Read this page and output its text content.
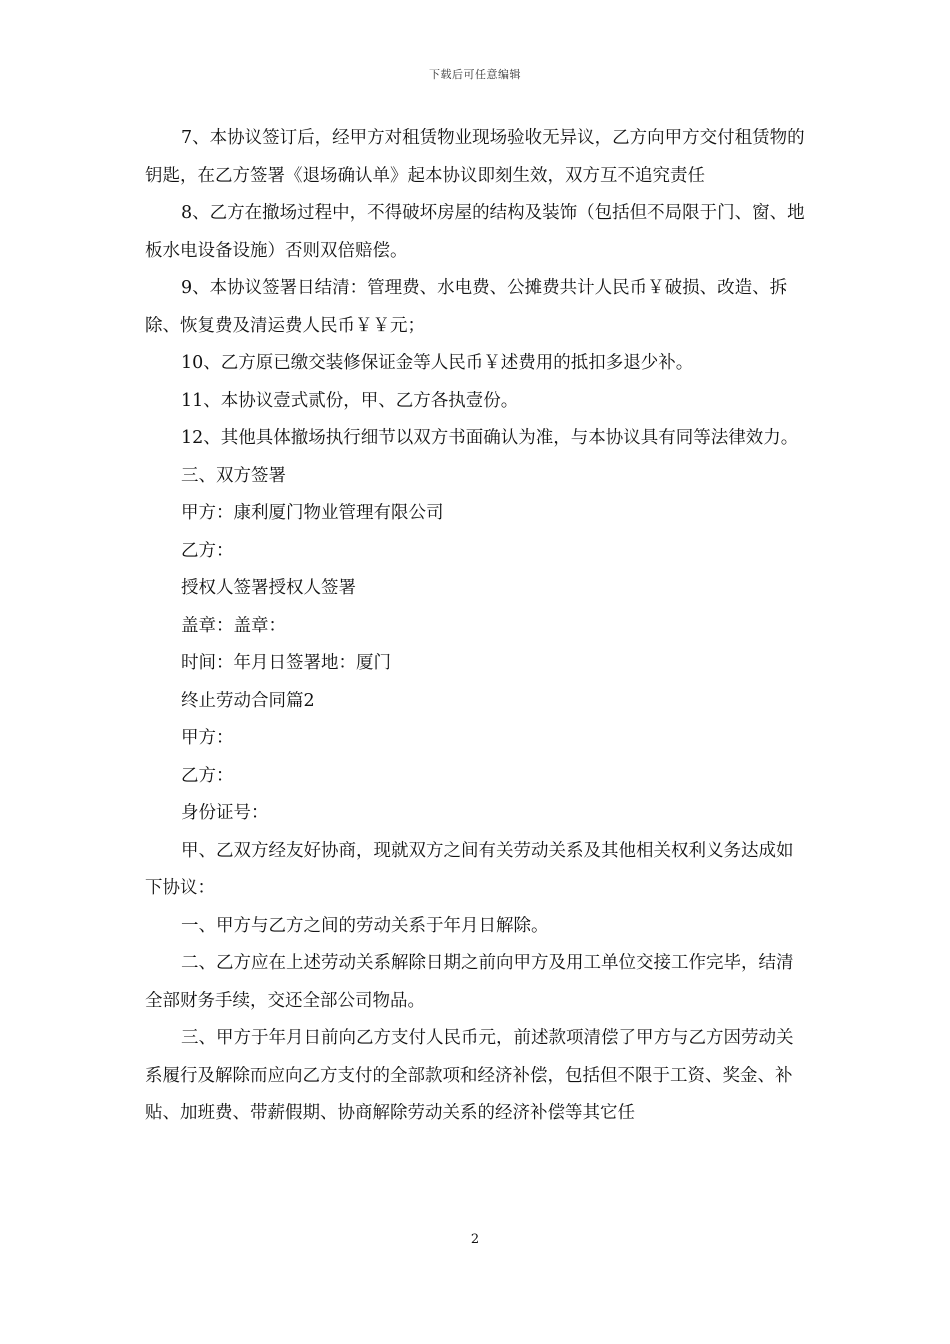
下载后可任意编辑

7、本协议签订后，经甲方对租赁物业现场验收无异议，乙方向甲方交付租赁物的钥匙，在乙方签署《退场确认单》起本协议即刻生效，双方互不追究责任

8、乙方在撤场过程中，不得破坏房屋的结构及装饰（包括但不局限于门、窗、地板水电设备设施）否则双倍赔偿。

9、本协议签署日结清：管理费、水电费、公摊费共计人民币￥破损、改造、拆除、恢复费及清运费人民币￥￥元；

10、乙方原已缴交装修保证金等人民币￥述费用的抵扣多退少补。

11、本协议壹式贰份，甲、乙方各执壹份。

12、其他具体撤场执行细节以双方书面确认为准，与本协议具有同等法律效力。

三、双方签署

甲方：康利厦门物业管理有限公司

乙方：

授权人签署授权人签署

盖章：盖章：

时间：年月日签署地：厦门

终止劳动合同篇2

甲方：

乙方：

身份证号：

甲、乙双方经友好协商，现就双方之间有关劳动关系及其他相关权利义务达成如下协议：

一、甲方与乙方之间的劳动关系于年月日解除。

二、乙方应在上述劳动关系解除日期之前向甲方及用工单位交接工作完毕，结清全部财务手续，交还全部公司物品。

三、甲方于年月日前向乙方支付人民币元，前述款项清偿了甲方与乙方因劳动关系履行及解除而应向乙方支付的全部款项和经济补偿，包括但不限于工资、奖金、补贴、加班费、带薪假期、协商解除劳动关系的经济补偿等其它任

2
